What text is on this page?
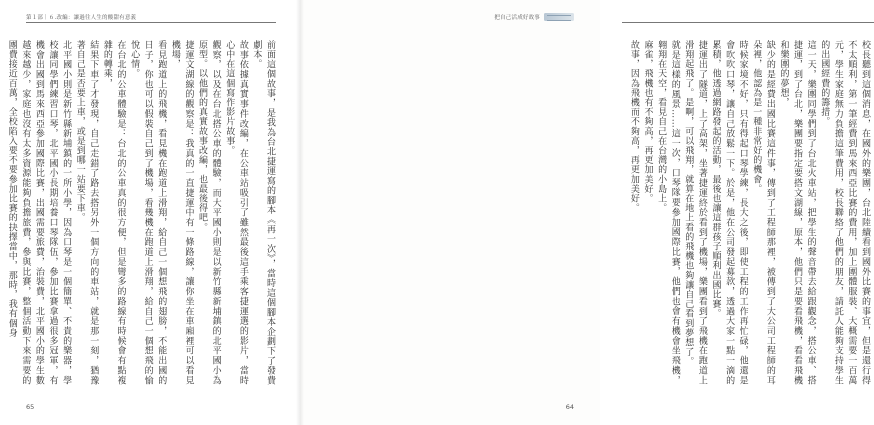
第１部｜６.改編：讓過往人生的酸甜有意義

前面這個故事，是我為台北捷運寫的腳本《再一次》，當時這個腳本企劃下了發費劇本。

故事依據真實事件改編，在公車站吸引了雖然最後這手乘客捷運選的影片，當時心中在這個寫作影片故事。

觀察，以及在台北搭公車的體驗，而大平國小則是以新竹縣新埔鎮的北平國小為原型。以他們的真實故事改編，也最後得吧。

捷運文湖線的觀察是：我真的一直捷運中有一條路線，讓你坐在車廂裡可以看見機場，

看見跑道上的飛機，看見機在跑道上滑翔，給自己一個想飛的翅膀，不能出國的日子，你也可以假裝自己到了機場，看幾機在跑道上滑翔，給自己一個想飛的愉悅心情。

在台北的公車體驗是：台北的公車真的很方便，但是彎多的路線有時候會有點複雜的轉乘，

結果下車了才發現，自己走錯了路去搭另外一個方向的車站，就是那一刻，猶豫著自己是否要上車，或是到哪一站要下車。

北平國小則是新竹縣新埔鎮的一所小學，因為口琴是一個簡單、不貴的樂器，學校讓同學們練習口琴，北平國小長期培養口琴隊伍，參加比賽拿過很多冠軍，有機會出國到馬來西亞參加國際比賽，出國需要旅費，治裝費，北平國小的學生數越來越少，家庭也沒有太多資源能夠負擔旅費，參與比賽，整個活動下來需要的團費接近百萬，全校陷入要不要參加比賽的抉擇當中，那時，我有個身

65
把自己活成好故事

校長聽到這個消息，在國外的樂團，台北陸續看到國外比賽的事宜，但是還行得不太順利，第一筆經費到馬來西亞比賽的費用，加上團體服裝、大概需要一百萬元，學生家庭無力負擔這筆費用，校長聯絡了他們的朋友，請託人能夠支持學生的出國經費的籌措。

這一天，樂團同學們到了台北火車站，把學生的聲音帶去給跟觀念，搭公車、搭捷運，到了台北，樂團要指定要搭文湖線，原本，他們只是要看飛機，看看飛機和樂團的夢想，

缺少的是經費出國比賽這件事，傳到了工程師那裡，被傳到了大公司工程師的耳朵裡，他認為是一種非常好的機會。

時候家境不好，只有得起口琴學練，長大之後，即使工程的工作再忙碌，他還是會吹吹口琴，讓自己放鬆一下。於是，他在公司發起募款，透過大家一點一滴的累積，他透過網路發起的活動，最後也讓這群孩子順利出國比賽。

捷運出了隧道，上了高架，坐著捷運終於看到了機場，樂團看到了飛機在跑道上滑翔起飛了。是啊，可以飛翔，就算在地上看的飛機也夠讓自己看到夢想了。

就是這樣的風景……這一次，口琴隊要參加國際比賽，他們也會有機會坐飛機，翱翔在天空，看見自己在台灣的小島上。

麻雀，飛機也有不夠高，再更加美好。

故事，因為飛機而不夠高，再更加美好。

64
